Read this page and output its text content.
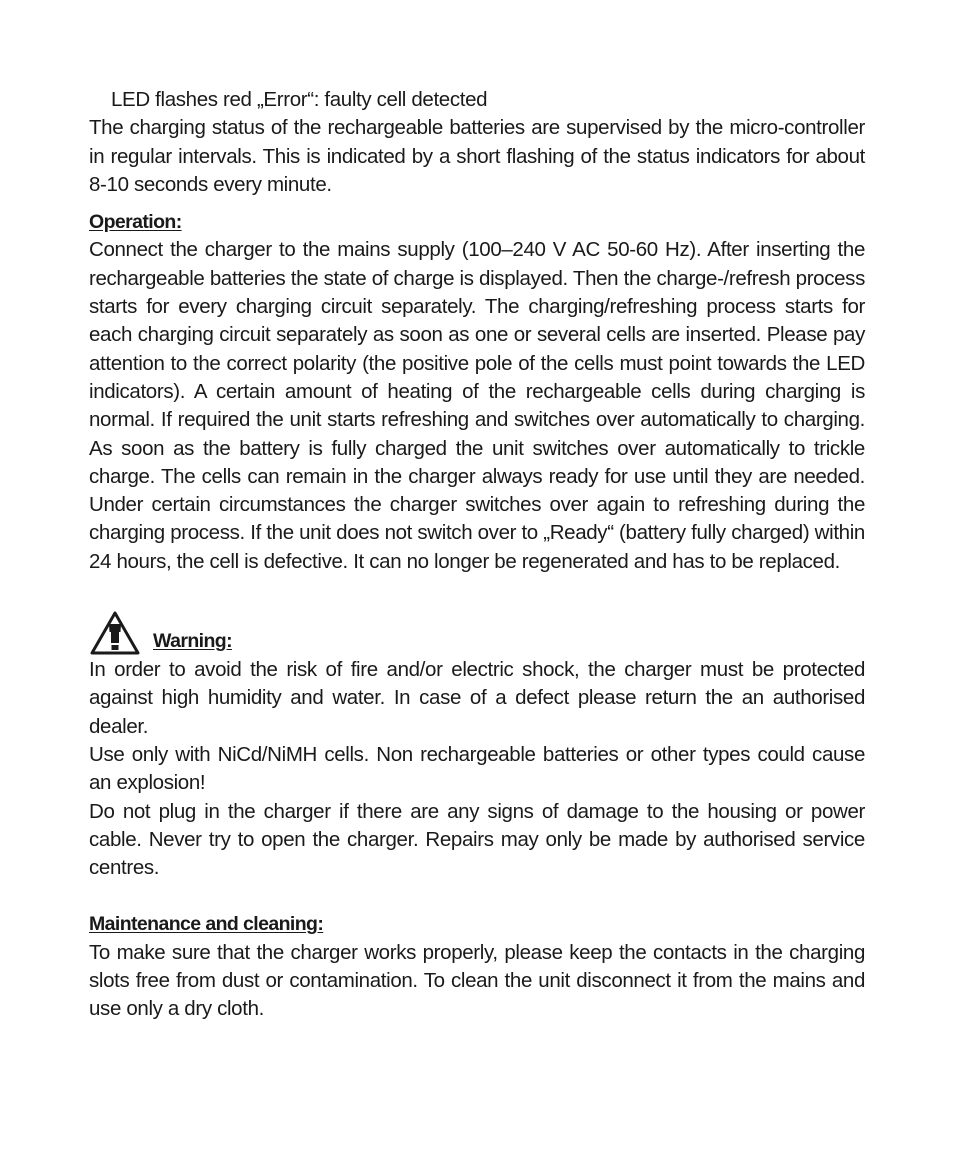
LED flashes red „Error“: faulty cell detected

The charging status of the rechargeable batteries are supervised by the micro-controller in regular intervals. This is indicated by a short flashing of the status indicators for about 8-10 seconds every minute.

Operation:

Connect the charger to the mains supply (100–240 V AC 50-60 Hz). After inserting the rechargeable batteries the state of charge is displayed. Then the charge-/refresh process starts for every charging circuit separately. The charging/refreshing process starts for each charging circuit separately as soon as one or several cells are inserted. Please pay attention to the correct polarity (the positive pole of the cells must point towards the LED indicators). A certain amount of heating of the rechargeable cells during charging is normal. If required the unit starts refreshing and switches over automatically to charging. As soon as the battery is fully charged the unit switches over automatically to trickle charge. The cells can remain in the charger always ready for use until they are needed. Under certain circumstances the charger switches over again to refreshing during the charging process. If the unit does not switch over to „Ready“ (battery fully charged) within 24 hours, the cell is defective. It can no longer be regenerated and has to be replaced.

Warning:

In order to avoid the risk of fire and/or electric shock, the charger must be protected against high humidity and water. In case of a defect please return the an authorised dealer.

Use only with NiCd/NiMH cells. Non rechargeable batteries or other types could cause an explosion!

Do not plug in the charger if there are any signs of damage to the housing or power cable. Never try to open the charger. Repairs may only be made by authorised service centres.

Maintenance and cleaning:

To make sure that the charger works properly, please keep the contacts in the charging slots free from dust or contamination. To clean the unit disconnect it from the mains and use only a dry cloth.
